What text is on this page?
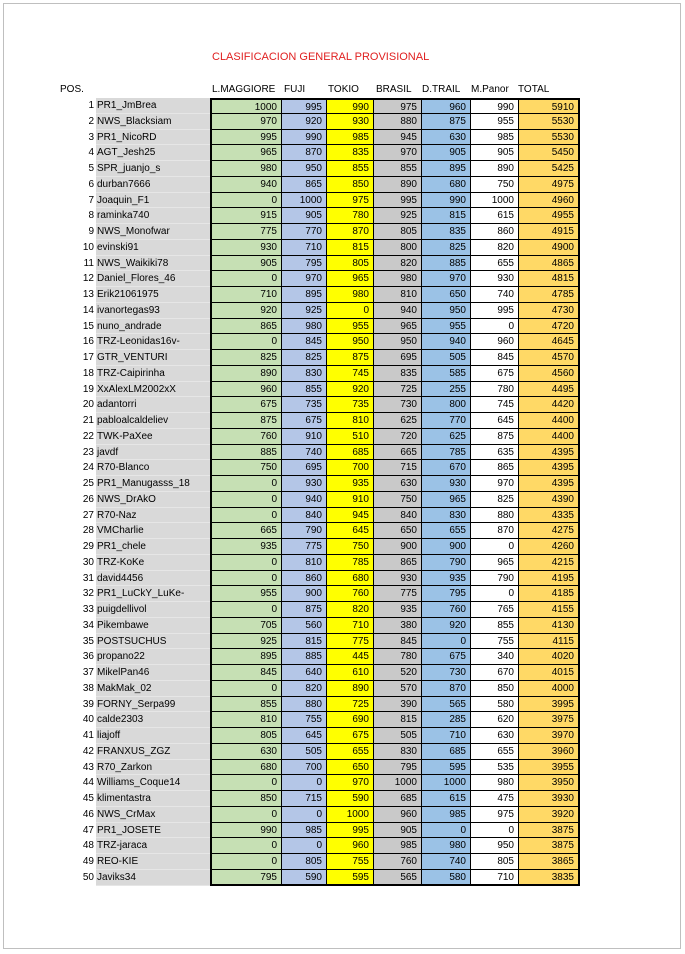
CLASIFICACION GENERAL PROVISIONAL
POS.	L.MAGGIORE FUJI TOKIO BRASIL D.TRAIL M.Panor TOTAL
1 PR1_JmBrea	1000	995	990	975	960	990	5910
2 NWS_Blacksiam	970	920	930	880	875	955	5530
3 PR1_NicoRD	995	990	985	945	630	985	5530
4 AGT_Jesh25	965	870	835	970	905	905	5450
5 SPR_juanjo_s	980	950	855	855	895	890	5425
6 durban7666	940	865	850	890	680	750	4975
7 Joaquin_F1	0	1000	975	995	990	1000	4960
8 raminka740	915	905	780	925	815	615	4955
9 NWS_Monofwar	775	770	870	805	835	860	4915
10 evinski91	930	710	815	800	825	820	4900
11 NWS_Waikiki78	905	795	805	820	885	655	4865
12 Daniel_Flores_46	0	970	965	980	970	930	4815
13 Erik21061975	710	895	980	810	650	740	4785
14 ivanortegas93	920	925	0	940	950	995	4730
15 nuno_andrade	865	980	955	965	955	0	4720
16 TRZ-Leonidas16v-	0	845	950	950	940	960	4645
17 GTR_VENTURI	825	825	875	695	505	845	4570
18 TRZ-Caipirinha	890	830	745	835	585	675	4560
19 XxAlexLM2002xX	960	855	920	725	255	780	4495
20 adantorri	675	735	735	730	800	745	4420
21 pabloalcaldeliev	875	675	810	625	770	645	4400
22 TWK-PaXee	760	910	510	720	625	875	4400
23 javdf	885	740	685	665	785	635	4395
24 R70-Blanco	750	695	700	715	670	865	4395
25 PR1_Manugasss_18	0	930	935	630	930	970	4395
26 NWS_DrAkO	0	940	910	750	965	825	4390
27 R70-Naz	0	840	945	840	830	880	4335
28 VMCharlie	665	790	645	650	655	870	4275
29 PR1_chele	935	775	750	900	900	0	4260
30 TRZ-KoKe	0	810	785	865	790	965	4215
31 david4456	0	860	680	930	935	790	4195
32 PR1_LuCkY_LuKe-	955	900	760	775	795	0	4185
33 puigdellivol	0	875	820	935	760	765	4155
34 Pikembawe	705	560	710	380	920	855	4130
35 POSTSUCHUS	925	815	775	845	0	755	4115
36 propano22	895	885	445	780	675	340	4020
37 MikelPan46	845	640	610	520	730	670	4015
38 MakMak_02	0	820	890	570	870	850	4000
39 FORNY_Serpa99	855	880	725	390	565	580	3995
40 calde2303	810	755	690	815	285	620	3975
41 liajoff	805	645	675	505	710	630	3970
42 FRANXUS_ZGZ	630	505	655	830	685	655	3960
43 R70_Zarkon	680	700	650	795	595	535	3955
44 Williams_Coque14	0	0	970	1000	1000	980	3950
45 klimentastra	850	715	590	685	615	475	3930
46 NWS_CrMax	0	0	1000	960	985	975	3920
47 PR1_JOSETE	990	985	995	905	0	0	3875
48 TRZ-jaraca	0	0	960	985	980	950	3875
49 REO-KIE	0	805	755	760	740	805	3865
50 Javiks34	795	590	595	565	580	710	3835
